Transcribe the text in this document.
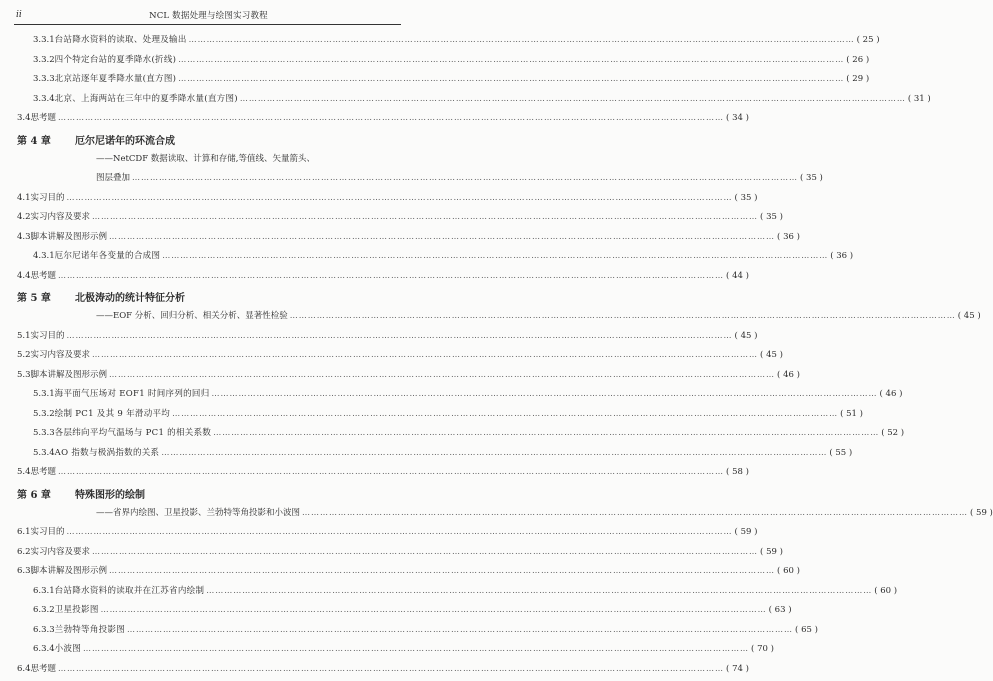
ii	NCL 数据处理与绘图实习教程
3.3.1 台站降水资料的读取、处理及输出 ……………………………………………………………………………………………………………………………………………………………………………………………………	( 25 )
3.3.2 四个特定台站的夏季降水(折线) ……………………………………………………………………………………………………………………………………………………………………………………………………	( 26 )
3.3.3 北京站逐年夏季降水量(直方图) ……………………………………………………………………………………………………………………………………………………………………………………………………	( 29 )
3.3.4 北京、上海两站在三年中的夏季降水量(直方图) ……………………………………………………………………………………………………………………………………………………………………………………………………	( 31 )
3.4 思考题 ……………………………………………………………………………………………………………………………………………………………………………………………………	( 34 )
第 4 章	厄尔尼诺年的环流合成
——NetCDF 数据读取、计算和存储,等值线、矢量箭头、
图层叠加 ……………………………………………………………………………………………………………………………………………………………………………………………………	( 35 )
4.1 实习目的 ……………………………………………………………………………………………………………………………………………………………………………………………………	( 35 )
4.2 实习内容及要求 ……………………………………………………………………………………………………………………………………………………………………………………………………	( 35 )
4.3 脚本讲解及图形示例 ……………………………………………………………………………………………………………………………………………………………………………………………………	( 36 )
4.3.1 厄尔尼诺年各变量的合成图 ……………………………………………………………………………………………………………………………………………………………………………………………………	( 36 )
4.4 思考题 ……………………………………………………………………………………………………………………………………………………………………………………………………	( 44 )
第 5 章	北极涛动的统计特征分析
——EOF 分析、回归分析、相关分析、显著性检验 ……………………………………………………………………………………………………………………………………………………………………………………………………	( 45 )
5.1 实习目的 ……………………………………………………………………………………………………………………………………………………………………………………………………	( 45 )
5.2 实习内容及要求 ……………………………………………………………………………………………………………………………………………………………………………………………………	( 45 )
5.3 脚本讲解及图形示例 ……………………………………………………………………………………………………………………………………………………………………………………………………	( 46 )
5.3.1 海平面气压场对 EOF1 时间序列的回归 ……………………………………………………………………………………………………………………………………………………………………………………………………	( 46 )
5.3.2 绘制 PC1 及其 9 年滑动平均 ……………………………………………………………………………………………………………………………………………………………………………………………………	( 51 )
5.3.3 各层纬向平均气温场与 PC1 的相关系数 ……………………………………………………………………………………………………………………………………………………………………………………………………	( 52 )
5.3.4 AO 指数与极涡指数的关系 ……………………………………………………………………………………………………………………………………………………………………………………………………	( 55 )
5.4 思考题 ……………………………………………………………………………………………………………………………………………………………………………………………………	( 58 )
第 6 章	特殊图形的绘制
——省界内绘图、卫星投影、兰勃特等角投影和小波图 ……………………………………………………………………………………………………………………………………………………………………………………………………	( 59 )
6.1 实习目的 ……………………………………………………………………………………………………………………………………………………………………………………………………	( 59 )
6.2 实习内容及要求 ……………………………………………………………………………………………………………………………………………………………………………………………………	( 59 )
6.3 脚本讲解及图形示例 ……………………………………………………………………………………………………………………………………………………………………………………………………	( 60 )
6.3.1 台站降水资料的读取并在江苏省内绘制 ……………………………………………………………………………………………………………………………………………………………………………………………………	( 60 )
6.3.2 卫星投影图 ……………………………………………………………………………………………………………………………………………………………………………………………………	( 63 )
6.3.3 兰勃特等角投影图 ……………………………………………………………………………………………………………………………………………………………………………………………………	( 65 )
6.3.4 小波图 ……………………………………………………………………………………………………………………………………………………………………………………………………	( 70 )
6.4 思考题 ……………………………………………………………………………………………………………………………………………………………………………………………………	( 74 )
